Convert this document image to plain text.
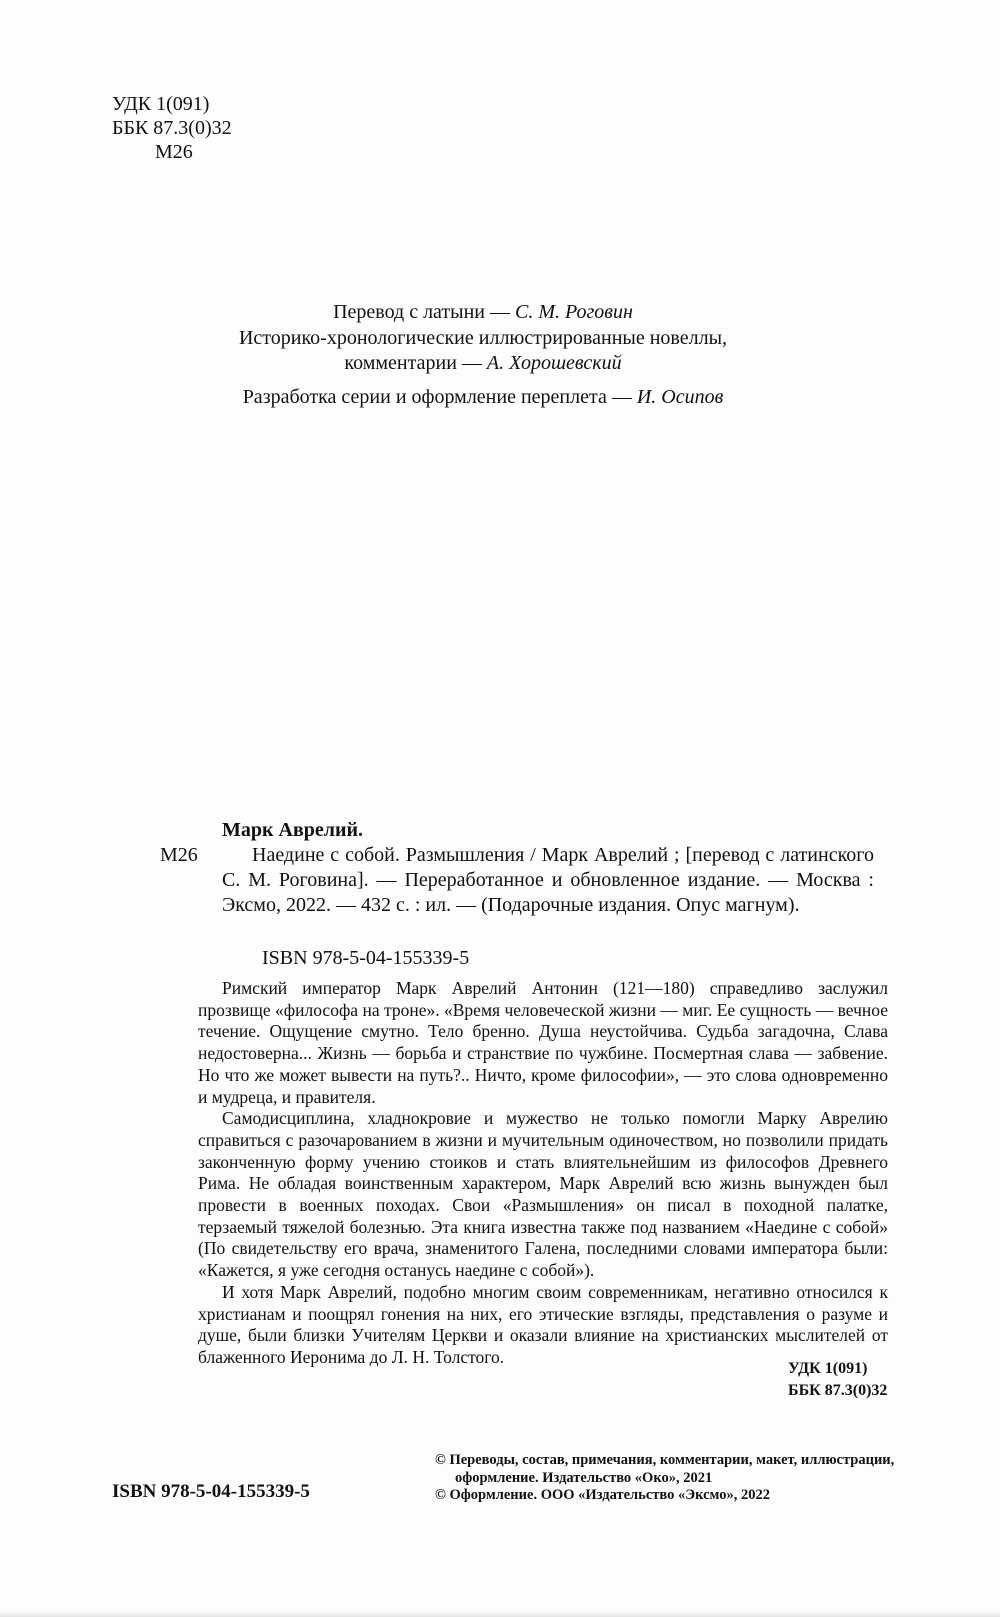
УДК 1(091)
ББК 87.3(0)32
М26
Перевод с латыни — С. М. Роговин
Историко-хронологические иллюстрированные новеллы,
комментарии — А. Хорошевский
Разработка серии и оформление переплета — И. Осипов
Марк Аврелий.
М26	Наедине с собой. Размышления / Марк Аврелий ; [перевод с латинского С. М. Роговина]. — Переработанное и обновленное издание. — Москва : Эксмо, 2022. — 432 с. : ил. — (Подарочные издания. Опус магнум).
ISBN 978-5-04-155339-5

Римский император Марк Аврелий Антонин (121—180) справедливо заслужил прозвище «философа на троне». «Время человеческой жизни — миг. Ее сущность — вечное течение. Ощущение смутно. Тело бренно. Душа неустойчива. Судьба загадочна, Слава недостоверна... Жизнь — борьба и странствие по чужбине. Посмертная слава — забвение. Но что же может вывести на путь?.. Ничто, кроме философии», — это слова одновременно и мудреца, и правителя.

Самодисциплина, хладнокровие и мужество не только помогли Марку Аврелию справиться с разочарованием в жизни и мучительным одиночеством, но позволили придать законченную форму учению стоиков и стать влиятельнейшим из философов Древнего Рима. Не обладая воинственным характером, Марк Аврелий всю жизнь вынужден был провести в военных походах. Свои «Размышления» он писал в походной палатке, терзаемый тяжелой болезнью. Эта книга известна также под названием «Наедине с собой» (По свидетельству его врача, знаменитого Галена, последними словами императора были: «Кажется, я уже сегодня останусь наедине с собой»).

И хотя Марк Аврелий, подобно многим своим современникам, негативно относился к христианам и поощрял гонения на них, его этические взгляды, представления о разуме и душе, были близки Учителям Церкви и оказали влияние на христианских мыслителей от блаженного Иеронима до Л. Н. Толстого.

УДК 1(091)
ББК 87.3(0)32
ISBN 978-5-04-155339-5
© Переводы, состав, примечания, комментарии, макет, иллюстрации,
оформление. Издательство «Око», 2021
© Оформление. ООО «Издательство «Эксмо», 2022
